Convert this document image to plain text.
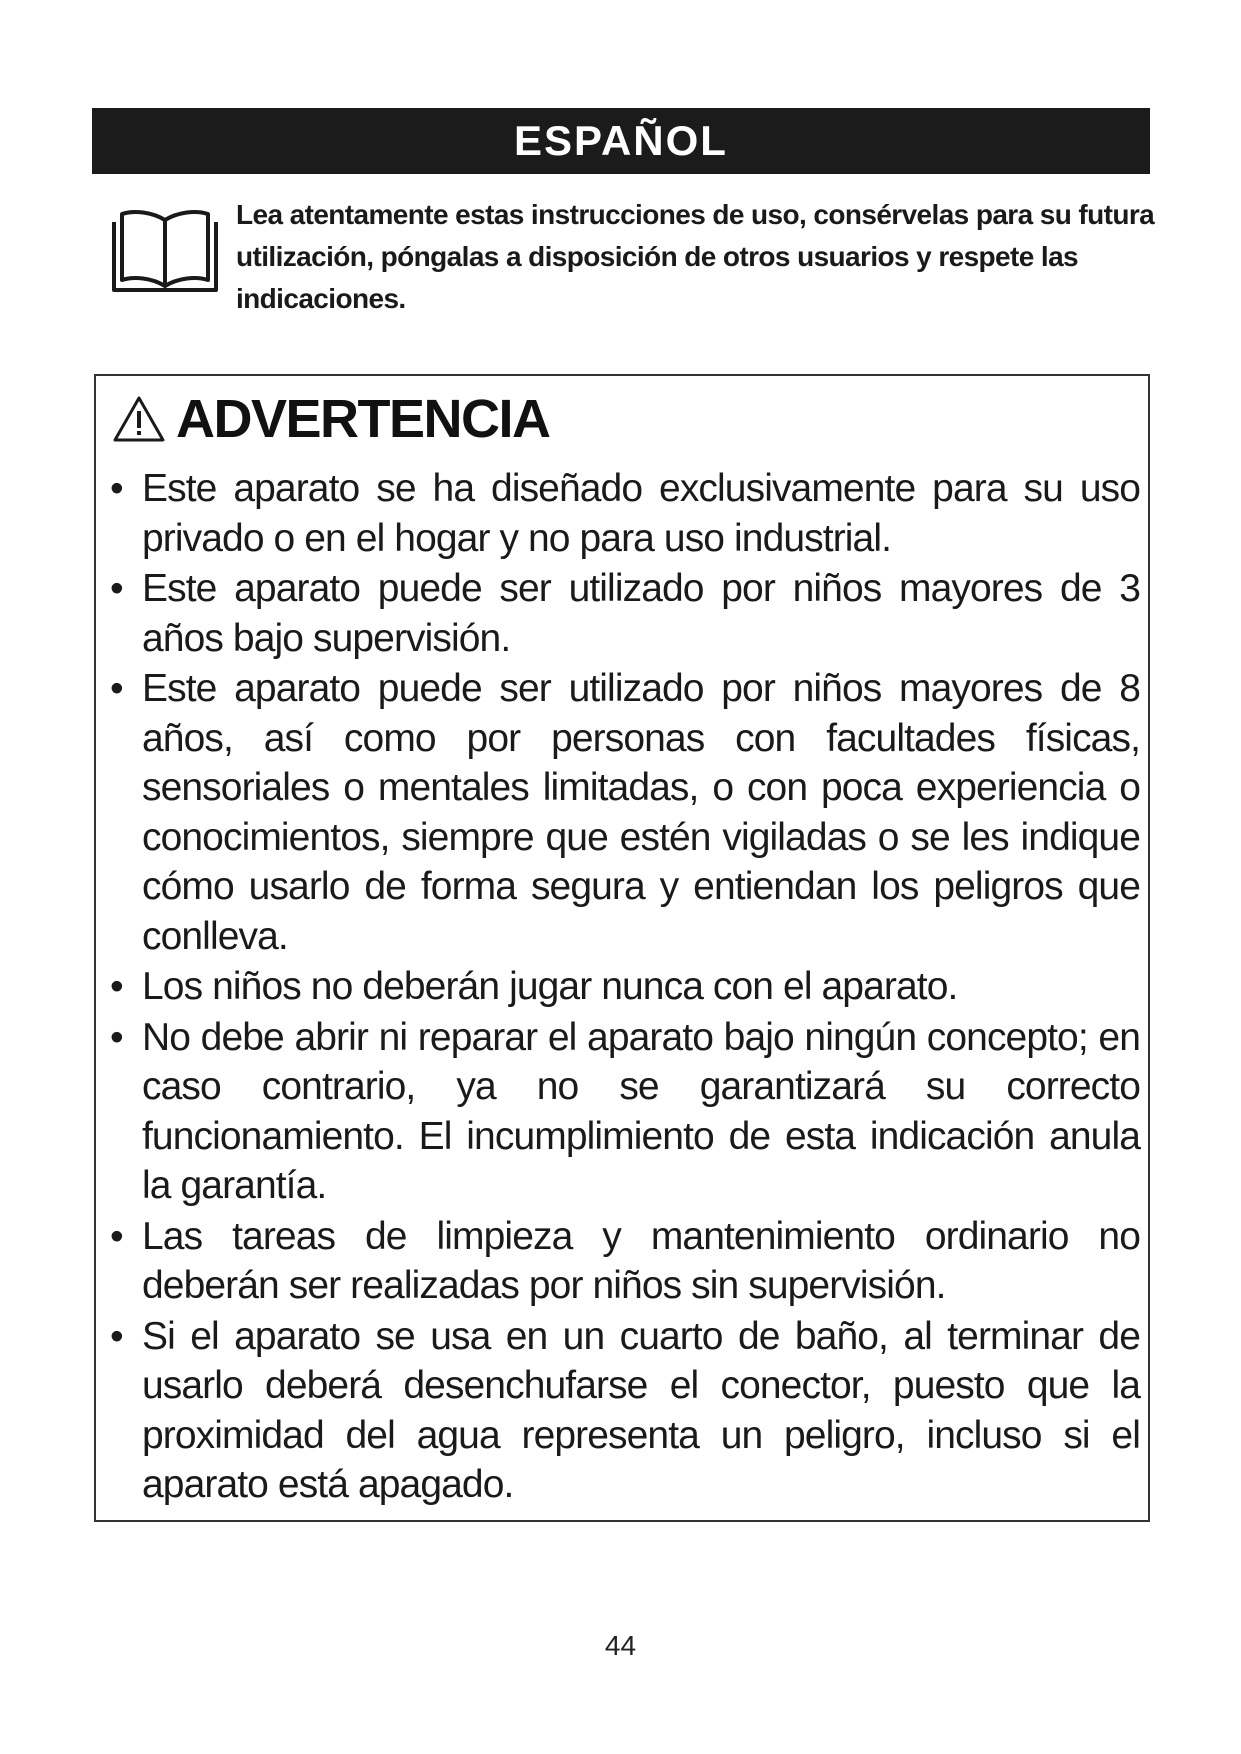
ESPAÑOL
Lea atentamente estas instrucciones de uso, consérvelas para su futura utilización, póngalas a disposición de otros usuarios y respete las indicaciones.
ADVERTENCIA
• Este aparato se ha diseñado exclusivamente para su uso privado o en el hogar y no para uso industrial.
• Este aparato puede ser utilizado por niños mayores de 3 años bajo supervisión.
• Este aparato puede ser utilizado por niños mayores de 8 años, así como por personas con facultades físicas, sensoriales o mentales limitadas, o con poca experiencia o conocimientos, siempre que estén vigiladas o se les indique cómo usarlo de forma segura y entiendan los peligros que conlleva.
• Los niños no deberán jugar nunca con el aparato.
• No debe abrir ni reparar el aparato bajo ningún concepto; en caso contrario, ya no se garantizará su correcto funcionamiento. El incumplimiento de esta indicación anula la garantía.
• Las tareas de limpieza y mantenimiento ordinario no deberán ser realizadas por niños sin supervisión.
• Si el aparato se usa en un cuarto de baño, al terminar de usarlo deberá desenchufarse el conector, puesto que la proximidad del agua representa un peligro, incluso si el aparato está apagado.
44
